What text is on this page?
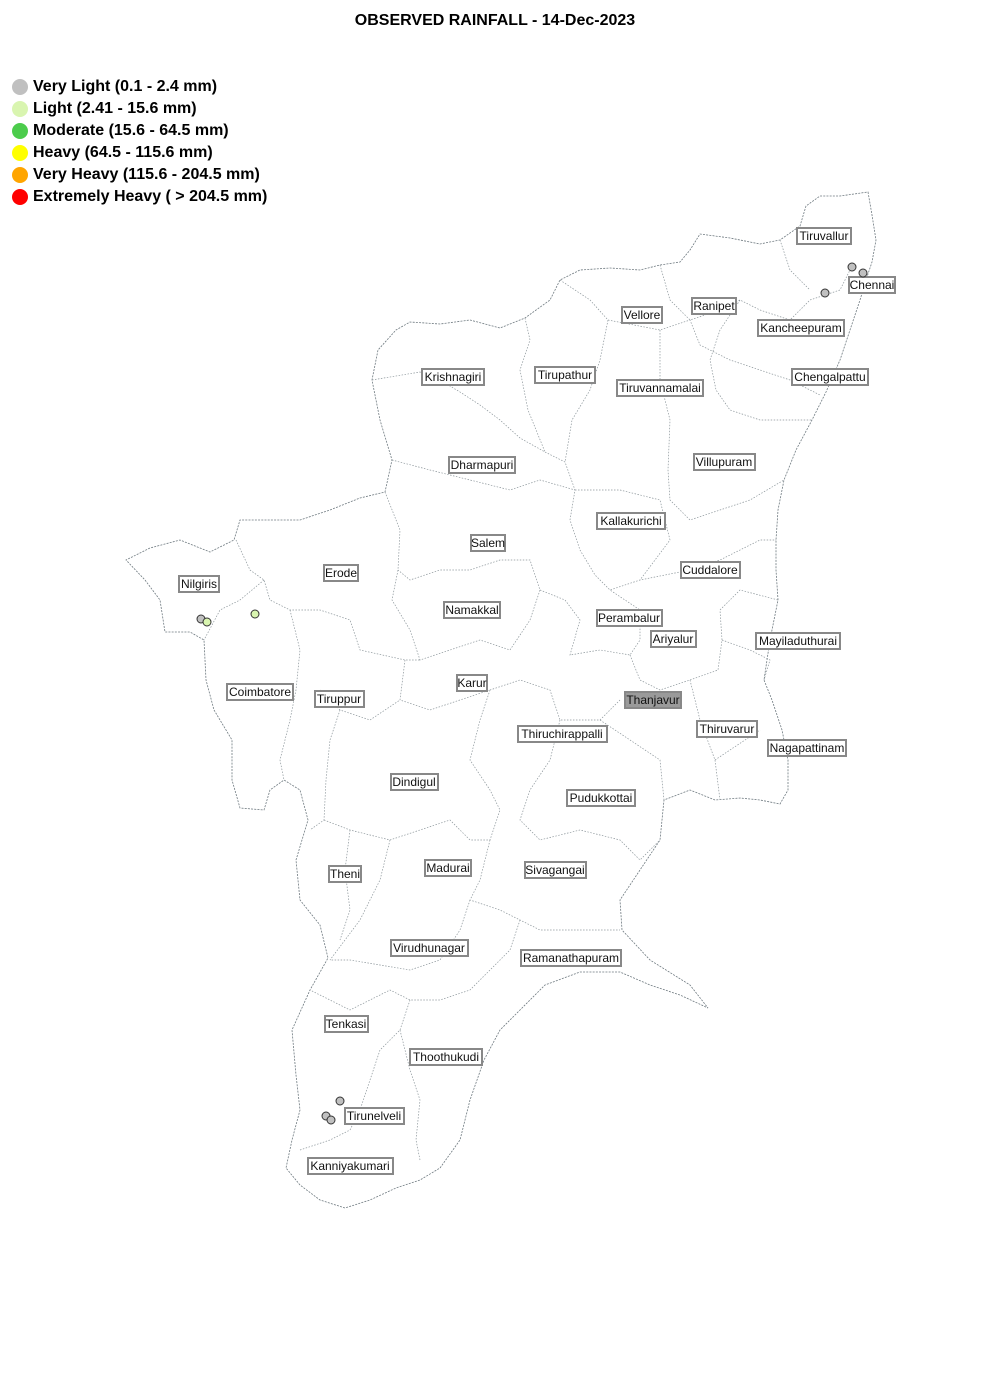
OBSERVED RAINFALL - 14-Dec-2023
Very Light (0.1 - 2.4 mm)
Light (2.41 - 15.6 mm)
Moderate (15.6 - 64.5 mm)
Heavy (64.5 - 115.6 mm)
Very Heavy (115.6 - 204.5 mm)
Extremely Heavy ( > 204.5 mm)
Tiruvallur
Chennai
Ranipet
Vellore
Kancheepuram
Krishnagiri	Tirupathur
Tiruvannamalai
Chengalpattu
Dharmapuri	Villupuram
Kallakurichi
Salem
Erode
Nilgiris
Cuddalore
Namakkal
Perambalur
Ariyalur	Mayiladuthurai
Karur
Coimbatore Tiruppur	Thanjavur
Thiruvarur
Thiruchirappalli
Nagapattinam
Dindigul
Pudukkottai
Madurai	Sivagangai
Theni
Virudhunagar
Ramanathapuram
Tenkasi
Thoothukudi
Tirunelveli
Kanniyakumari
